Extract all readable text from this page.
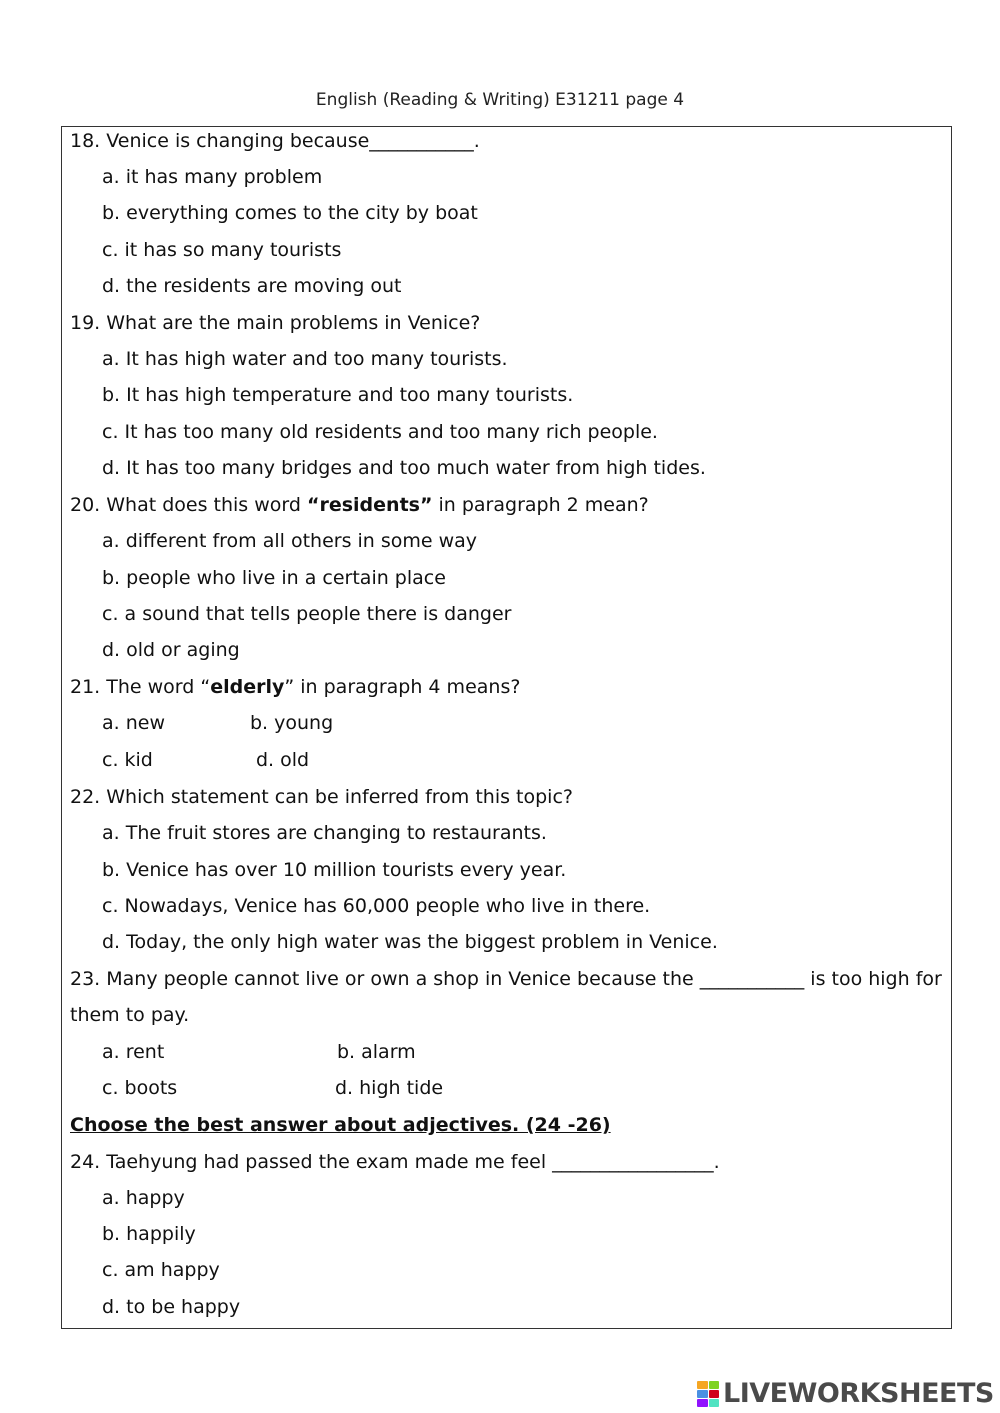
English (Reading & Writing) E31211 page 4
18. Venice is changing because___________.
a. it has many problem
b. everything comes to the city by boat
c. it has so many tourists
d. the residents are moving out
19. What are the main problems in Venice?
a. It has high water and too many tourists.
b. It has high temperature and too many tourists.
c. It has too many old residents and too many rich people.
d. It has too many bridges and too much water from high tides.
20. What does this word “residents” in paragraph 2 mean?
a. different from all others in some way
b. people who live in a certain place
c. a sound that tells people there is danger
d. old or aging
21. The word “elderly” in paragraph 4 means?
a. new	b. young
c. kid	d. old
22. Which statement can be inferred from this topic?
a. The fruit stores are changing to restaurants.
b. Venice has over 10 million tourists every year.
c. Nowadays, Venice has 60,000 people who live in there.
d. Today, the only high water was the biggest problem in Venice.
23. Many people cannot live or own a shop in Venice because the ___________ is too high for
them to pay.
a. rent	b. alarm
c. boots	d. high tide
Choose the best answer about adjectives. (24 -26)
24. Taehyung had passed the exam made me feel _________________.
a. happy
b. happily
c. am happy
d. to be happy
LIVEWORKSHEETS
